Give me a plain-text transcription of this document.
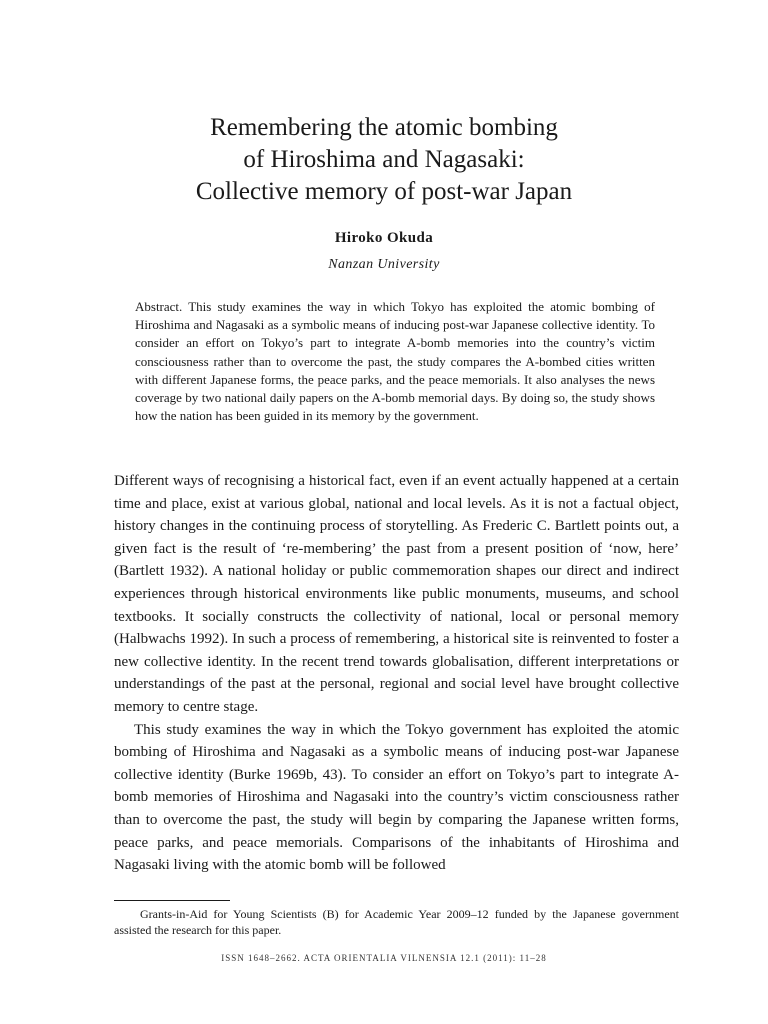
Remembering the atomic bombing
of Hiroshima and Nagasaki:
Collective memory of post-war Japan
Hiroko Okuda
Nanzan University

Abstract. This study examines the way in which Tokyo has exploited the atomic bombing of Hiroshima and Nagasaki as a symbolic means of inducing post-war Japanese collective identity. To consider an effort on Tokyo’s part to integrate A-bomb memories into the country’s victim consciousness rather than to overcome the past, the study compares the A-bombed cities written with different Japanese forms, the peace parks, and the peace memorials. It also analyses the news coverage by two national daily papers on the A-bomb memorial days. By doing so, the study shows how the nation has been guided in its memory by the government.

Different ways of recognising a historical fact, even if an event actually happened at a certain time and place, exist at various global, national and local levels. As it is not a factual object, history changes in the continuing process of storytelling. As Frederic C. Bartlett points out, a given fact is the result of ‘re-membering’ the past from a present position of ‘now, here’ (Bartlett 1932). A national holiday or public commemoration shapes our direct and indirect experiences through historical environments like public monuments, museums, and school textbooks. It socially constructs the collectivity of national, local or personal memory (Halbwachs 1992). In such a process of remembering, a historical site is reinvented to foster a new collective identity. In the recent trend towards globalisation, different interpretations or understandings of the past at the personal, regional and social level have brought collective memory to centre stage.

This study examines the way in which the Tokyo government has exploited the atomic bombing of Hiroshima and Nagasaki as a symbolic means of inducing post-war Japanese collective identity (Burke 1969b, 43). To consider an effort on Tokyo’s part to integrate A-bomb memories of Hiroshima and Nagasaki into the country’s victim consciousness rather than to overcome the past, the study will begin by comparing the Japanese written forms, peace parks, and peace memorials. Comparisons of the inhabitants of Hiroshima and Nagasaki living with the atomic bomb will be followed

Grants-in-Aid for Young Scientists (B) for Academic Year 2009–12 funded by the Japanese government assisted the research for this paper.

ISSN 1648–2662. ACTA ORIENTALIA VILNENSIA 12.1 (2011): 11–28
